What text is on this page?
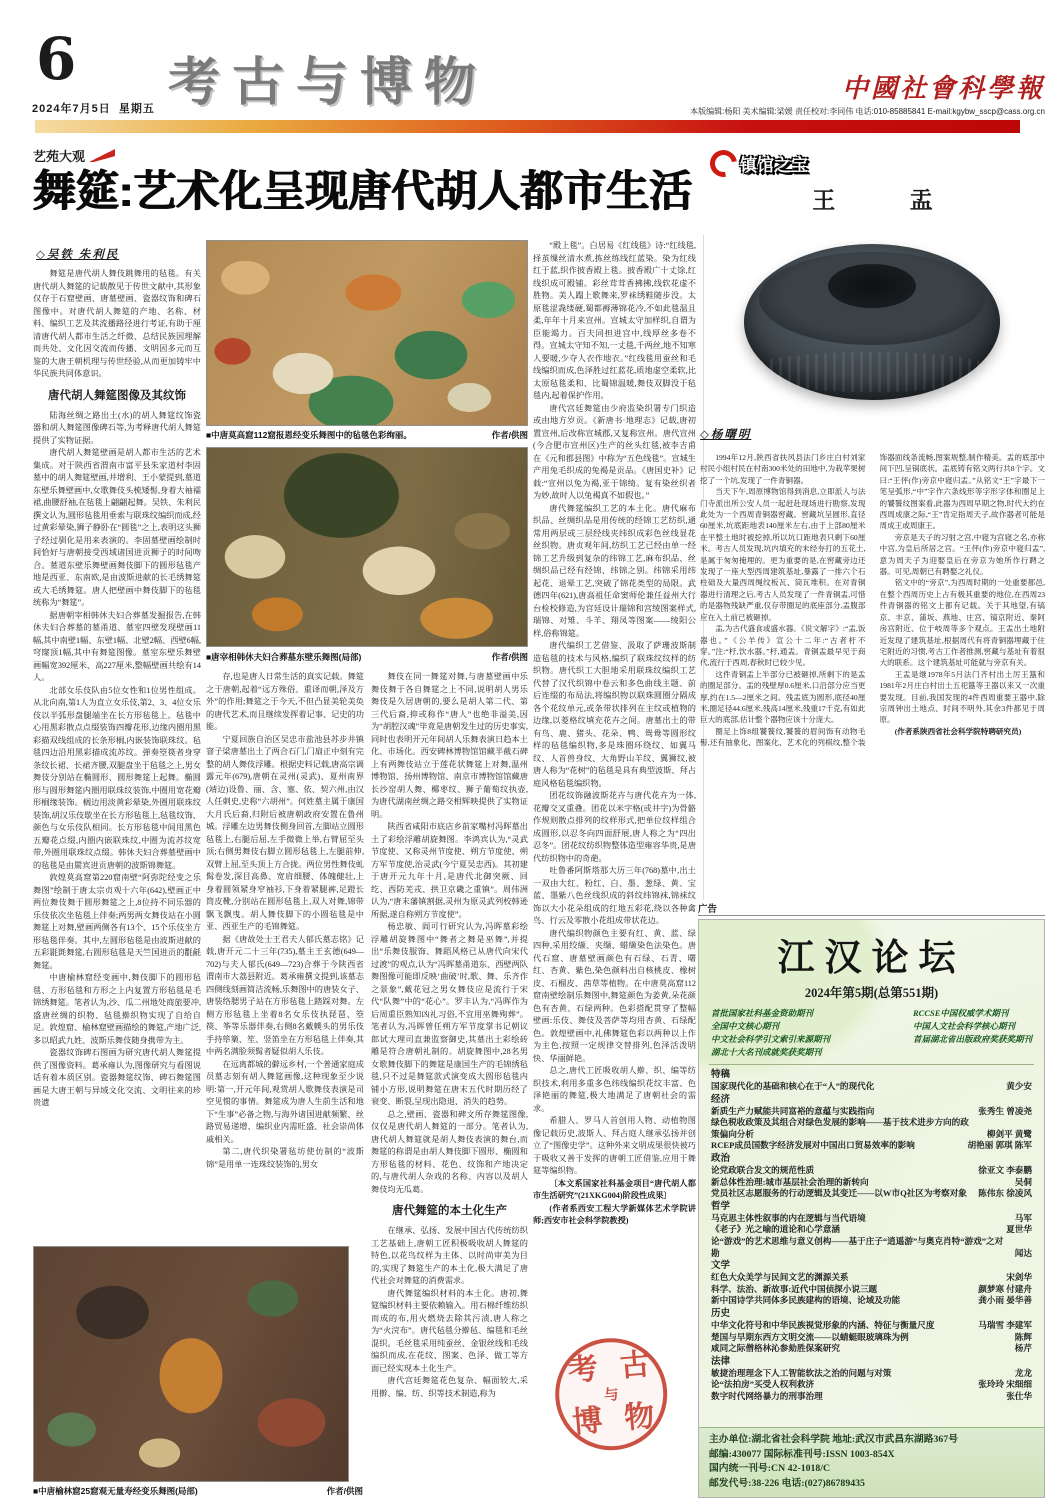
6
2024年7月5日 星期五 考古与博物	中國社會科學報
本版编辑:杨阳 美术编辑:梁媛 责任校对:李同伟 电话:010-85885841 E-mail:kgybw_sscp@cass.org.cn
艺苑大观
舞筵:艺术化呈现唐代胡人都市生活
◇吴铁 朱利民

舞筵是唐代胡人舞伎跳舞用的毡毯。有关唐代胡人舞筵的记载散见于传世文献中,其形象仅存于石窟壁画、唐墓壁画、瓷器纹饰和碑石图像中。对唐代胡人舞筵的产地、名称、材料、编织工艺及其流播路径进行考证,有助于厘清唐代胡人都市生活之纤微、总结民族因理解而共处、文化因交流而传播、文明因多元而互鉴的大唐王朝机理与传世经验,从而更加铸牢中华民族共同体意识。

唐代胡人舞筵图像及其纹饰

陆海丝绸之路出土(水)的胡人舞筵纹饰瓷器和胡人舞筵图像碑石等,为考释唐代胡人舞筵提供了实物证据。

唐代胡人舞筵壁画是胡人都市生活的艺术集成。对于陕西省渭南市富平县朱家道村李固墓中的胡人舞筵壁画,井增利、王小蒙提到,墓道东壁乐舞壁画中,女歌舞伎头梳矮髻,身着大袖襦裙,曲腰舒袖,在毡毯上翩翩起舞。吴铁、朱利民撰文认为,圆形毡毯用垂索与联珠纹编织而成,经过黄彩晕染,狮子静卧在“圆毯”之上,表明这头狮子经过驯化是用来表演的。李固墓壁画绘制时间恰好与唐朝接受西域诸国进贡狮子的时间吻合。墓道东壁乐舞壁画舞伎脚下的圆形毡毯产地是西亚、东南欧,是由波斯进献的长毛绣舞筵或大毛绣舞筵。唐人把壁画中舞伎脚下的毡毯统称为“舞筵”。

据唐朝宰相韩休夫妇合葬墓发掘报告,在韩休夫妇合葬墓的墓甬道、墓室四壁发现壁画11幅,其中南壁1幅、东壁1幅、北壁2幅、西壁6幅,穹窿顶1幅,其中有舞筵图像。墓室东壁乐舞壁画幅宽392厘米、高227厘米,整幅壁画共绘有14人。

北部女乐伎队由5位女性和1位男性组成。从北向南,第1人为直立女乐伎,第2、3、4位女乐伎以半弧形盘腿端坐在长方形毡毯上。毡毯中心用黑彩散点点缀装饰四瓣花形,边缘内圈用黑彩描双线组成的长条形榈,内嵌装饰联珠纹。毡毯四边沿用黑彩描成流苏纹。弹奏箜篌者身穿条纹长裙、长裙齐腰,双腿盘坐于毡毯之上,男女舞伎分别站在椭圆形、圆形舞筵上起舞。椭圆形与圆形舞筵内圈用联珠纹装饰,中圈用宽花瓣形榈缘装饰。榈边用淡黄彩晕染,外圈用联珠纹装饰,胡汉乐伎歇坐在长方形毡毯上,毡毯纹饰、颜色与女乐伎队相同。长方形毡毯中间用黑色五瓣花点缀,内圈内嵌联珠纹,中圈为流苏纹宽带,外圈用联珠纹点缀。韩休夫妇合葬墓壁画中的毡毯是由罽宾进贡唐朝的波斯锦舞筵。

敦煌莫高窟第220窟南壁“阿弥陀经变之乐舞图”绘制于唐太宗贞观十六年(642),壁画正中两位舞伎舞于圆形舞筵之上,8位持不同乐器的乐伎依次坐毡毯上伴奏;两男两女舞伎站在小圆舞筵上对舞,壁画两侧各有13个、15个乐伎坐方形毡毯伴奏。其中,左圆形毡毯是由波斯进献的五彩毾㲪舞筵,右圆形毡毯是天竺国进贡的氍毹舞筵。

中唐榆林窟经变画中,舞伎脚下的圆形毡毯、方形毡毯和方形之上内复置方形毡毯是毛锦绣舞筵。笔者认为,沙、瓜二州地处商旅要冲,盛唐丝绸的织物、毡毯擀织物实现了自给自足。敦煌窟、榆林窟壁画描绘的舞筵,产地广泛,多以昭武九姓、波斯乐舞伎随身携带为主。

瓷器纹饰碑石图画为研究唐代胡人舞筵提供了图像资料。葛承雍认为,图像研究与看图说话有着本质区别。瓷器舞筵纹饰、碑石舞筵图画是大唐王朝与异域文化交流、文明往来的珍贵遗

■中唐莫高窟112窟报恩经变乐舞图中的毡毯色彩绚丽。	作者/供图
■唐宰相韩休夫妇合葬墓东壁乐舞图(局部)	作者/供图

存,也是唐人日常生活的真实记载。舞筵之于唐朝,起着“远方殊俗、重译而朝,泽及方外”的作用;舞筵之于今天,不但凸显美轮美奂的唐代艺术,而且继续发挥着记事、记史的功能。

宁夏回族自治区吴忠市盐池县苏步井镇窨子梁唐墓出土了两合石门,门扇正中刻有完整的胡人舞伎浮雕。根据史料记载,唐高宗调露元年(679),唐朝在灵州(灵武)、夏州南界(靖边)设鲁、丽、含、塞、依、契六州,由汉人任刺史,史称“六胡州”。何姓墓主属于康国大月氏后裔,归附后被唐朝政府安置在鲁州城。浮雕左边男舞伎侧身回首,左脚站立圆形毡毯上,右腿后屈,左手微微上举,右臂屈至头顶;右侧男舞伎右脚立圆形毡毯上,左腿前伸,双臂上屈,至头顶上方合拢。两位男性舞伎虬髯卷发,深目高鼻、宽肩细腰、体魄健壮,上身着圆领紧身窄袖衫,下身着紧腿裤,足蹬长筒皮靴,分别站在圆形毡毯上,双人对舞,锦带飘飞飘曳。胡人舞伎脚下的小圆毡毯是中亚、西亚生产的毛锦舞筵。

据《唐故处士王君夫人郁氏墓志铭》记载,唐开元二十三年(735),墓主王玄德(649—702)与夫人郁氏(649—723)合葬于今陕西省渭南市大荔县附近。葛承雍撰文提到,该墓志四侧线刻画简洁流畅,乐舞图中的唐装女子、唐装络腮男子站在方形毡毯上踏踩对舞。左侧方形毡毯上坐着8名女乐伎执琵琶、箜篌、筝等乐器伴奏,右侧8名戴幞头的男乐伎手持筚篥、笙、竖笛坐在方形毡毯上伴奏,其中两名满脸须髯者疑似胡人乐伎。

在远离都城的僻远乡村,一个普通家庭成员墓志刻有胡人舞筵画像,这种现象至少说明:第一,开元年间,观赏胡人歌舞伎表演是司空见惯的事情。舞筵成为唐人生前生活和地下“生事”必备之物,与海外诸国进献频繁、丝路贸易递增、编织业内需旺盛、社会崇尚体戚相关。

第二,唐代织染署毡坊使仿制的“波斯锦”是用单一连珠纹装饰的,男女

舞伎在同一舞筵对舞,与唐墓壁画中乐舞伎舞于各自舞筵之上不同,说明胡人男乐舞伎是久居唐朝的,要么是胡人第二代、第三代后裔,抑或称作“唐人”也绝非溢美,因为“胡腔汉魂”毕竟是唐朝发生过的历史事实,同时也表明开元年间胡人乐舞表演日趋本土化、市场化。西安碑林博物馆馆藏半截石碑上有两舞伎站立于莲花状舞筵上对舞,温州博物馆、扬州博物馆、南京市博物馆馆藏唐长沙窑胡人舞、椰枣纹、狮子葡萄纹执壶,为唐代湖南丝绸之路交相辉映提供了实物证明。

陕西省咸阳市底店乡前家嘴村冯晖墓出土了彩绘浮雕胡旋舞图。李鸿宾认为,“灵武节度使、又称灵州节度使、朔方节度使、朔方军节度使,治灵武(今宁夏吴忠西)。其初建于唐开元九年十月,是唐代北御突厥、回纥、西防羌戎、拱卫京畿之重镇”。周伟洲认为,“唐末藩镇割据,灵州为原灵武列校韩逊所据,遂自称朔方节度使”。

杨忠敏、阎可行研究认为,冯晖墓彩绘浮雕胡旋舞图中“舞者之舞是巫舞”,并提出“乐舞伎服饰、舞蹈风格已从唐代向宋代过渡”的观点,认为“冯晖墓甬道东、西壁两队舞图像可能即反映‘曲破’时,歌、舞、乐齐作之景象”,戴花冠之男女舞伎应是流行于宋代“队舞”中的“花心”。罗丰认为,“冯晖作为后周重臣熟知凶礼习俗,不宜用巫舞殉葬”。笔者认为,冯晖曾任朔方军节度掌书记朝议郎试大理司直兼监察御史,其墓出土彩绘砖雕是符合唐朝礼制的。胡旋舞图中,28名男女歌舞伎脚下的舞筵是康国生产的毛锦绣毡毯,只不过是舞筵款式演变成大圆形毡毯内铺小方形,说明舞筵在唐末五代时期历经了衰变、断裂,呈现出隐退、消失的趋势。

总之,壁画、瓷器和碑文所存舞筵图像,仅仅是唐代胡人舞筵的一部分。笔者认为,唐代胡人舞筵就是胡人舞伎表演的舞台,而舞筵的称谓是由胡人舞伎脚下圆形、椭圆和方形毡毯的材料、花色、纹饰和产地决定的,与唐代胡人杂戏的名称、内容以及胡人舞伎均无瓜葛。

唐代舞筵的本土化生产

在继承、弘扬、发展中国古代传统纺织工艺基础上,唐朝工匠积极吸收胡人舞筵的特色,以花鸟纹样为主体、以时尚审美为目的,实现了舞筵生产的本土化,极大满足了唐代社会对舞筵的消费需求。

唐代舞筵编织材料的本土化。唐初,舞筵编织材料主要依赖输入。用石棉纤维纺织而成的布,用火燃烧去除其污渍,唐人称之为“火浣布”。唐代毡毯分擀毡、编毯和毛丝混织。毛丝毯采用纯蚕丝、金银丝线和毛线编织而成,在花纹、图案、色泽、做工等方面已经实现本土化生产。

唐代宫廷舞筵花色复杂、幅面较大,采用擀、编、纺、织等技术制造,称为

“殿上毯”。白居易《红线毯》诗:“红线毯,择茧缫丝清水煮,拣丝练线红蓝染。染为红线红于蓝,织作披香殿上毯。披香殿广十丈馀,红线织成可殿铺。彩丝茸茸香拂拂,线软花虚不胜物。美人蹋上歌舞来,罗袜绣鞋随步没。太原毯涩毳缕硬,蜀都褥薄锦花冷,不如此毯温且柔,年年十月来宣州。宣城太守加样织,自谓为臣能竭力。百夫同担进宫中,线厚丝多卷不得。宣城太守知不知,一丈毯,千两丝,地不知寒人要暖,少夺人衣作地衣。”红线毯用蚕丝和毛线编织而成,色泽胜过红蓝花,质地虚空柔软,比太原毡毯柔和、比蜀锦温暖,舞伎双脚没于毡毯内,起着保护作用。

唐代宫廷舞筵由少府监染织署专门织造或由地方岁贡。《新唐书·地理志》记载,唐初置宣州,后改称宣城郡,又复称宣州。唐代宣州(今合肥市宣州区)生产的丝头红毯,被李吉甫在《元和郡县图》中称为“五色线毯”。宣城生产用兔毛织成的兔褐是贡品。《唐国史补》记载:“宣州以兔为褐,亚于锦绮。复有染丝织者为妙,故时人以兔褐真不如假也。”

唐代舞筵编织工艺的本土化。唐代麻布织品、丝绸织品是用传统的经锦工艺纺织,通常用两层或三层经线夹纬织成彩色丝线显花丝织物。唐贞观年间,纺织工艺已经由单一经锦工艺升级到复杂的纬锦工艺,麻布织品、丝绸织品已经有经锦、纬锦之别。纬锦采用纬起花、退晕工艺,突破了锦花类型的局限。武德四年(621),唐高祖任命窦师伦兼任益州大行台检校修造,为宫廷设计瑞锦和宫绫图案样式,瑞锦、对雉、斗羊、翔凤等图案——绫阳公样,俗称锦筵。

唐代编织工艺借鉴、汲取了萨珊波斯制造毡毯的技术与风格,编织了联珠纹纹样的纺织物。唐代织工大胆地采用联珠纹编织工艺代替了汉代织锦中卷云和多色曲线主题、前后连缀的布局法,将编织物以联珠圆圈分隔成各个花纹单元,或条带状排列在主纹或植物的边缘,以菱格纹填充花卉之间。唐墓出土的带有鸟、鹿、猪头、花朵、鸭、鸳鸯等圆形纹样的毡毯编织物,多是珠圈环绕纹、如翼马纹、人首兽身纹、大角野山羊纹、翼狮纹,被唐人称为“花树”的毡毯是具有典型波斯、拜占庭风格毡毯编织物。

团花纹饰融波斯花卉与唐代花卉为一体,花瓣交叉重叠。团花以米字格(或井字)为骨骼作规则散点排列的纹样形式,把单位纹样组合成圆形,以忍冬向四面舒展,唐人称之为“四出忍冬”。团花纹纺织物整体造型雍容华贵,是唐代纺织物中的奇葩。

吐鲁番阿斯塔那大历三年(768)墓中,出土一双由大红、粉红、白、墨、葱绿、黄、宝蓝、墨紫八色丝线织成的斜纹纬锦袜,锦袜纹饰以大小花朵组成的红地五彩花,绕以各种禽鸟、行云及零散小花组成带状花边。

唐代编织物颜色主要有红、黄、蓝、绿四种,采用绞缬、夹缬、蜡缬染色法染色。唐代石窟、唐墓壁画颜色有石绿、石青、曙红、杏黄、紫色,染色颜料出自核桃皮、橡树皮、石榴皮、茜草等植物。在中唐莫高窟112窟南壁绘制乐舞图中,舞筵颜色为姜黄,朵花颜色有杏黄、石绿两种。色彩搭配贯穿了整幅壁画:乐伎、舞伎及菩萨等均用杏黄、石绿配色。敦煌壁画中,礼佛舞筵色彩以两种以上作为主色,按照一定规律交替排列,色泽活泼明快、华丽鲜艳。

总之,唐代工匠吸收胡人擀、织、编等纺织技术,利用多重多色纬线编织花纹丰富、色泽艳丽的舞筵,极大地满足了唐朝社会的需求。

希腊人、罗马人首创用人物、动植物图像记载历史,波斯人、拜占庭人继承弘扬并创立了“图像史学”。这种外来文明成果很快被巧于吸收又善于发挥的唐朝工匠借鉴,应用于舞筵等编织物。

〔本文系国家社科基金项目“唐代胡人都市生活研究”(21XKG004)阶段性成果〕

(作者系西安工程大学新媒体艺术学院讲师;西安市社会科学院教授)

■中唐榆林窟25窟观无量寿经变乐舞图(局部)	作者/供图
考 古
博 物
与
镇馆之宝
王 盂
◇杨曙明

1994年12月,陕西省扶风县法门乡庄白村刘家村民小组村民在村南300米处的田地中,为栽苹果树挖了一个坑,发现了一件青铜器。

当天下午,周原博物馆得到消息,立即派人与法门寺派出所公安人员一起赶赴现场进行勘察,发现此处为一个西周青铜器窖藏。窖藏坑呈圆形,直径60厘米,坑底距地表140厘米左右,由于上部80厘米在平整土地时被挖掉,所以坑口距地表只剩下60厘米。考古人员发现,坑内填充的未经夯打的五花土,是属于匆匆掩埋的。更为重要的是,在窖藏旁边还发现了一座大型西周建筑基址,暴露了一排六个石柱础及大量西周绳纹板瓦、筒瓦堆积。在对青铜器进行清理之后,考古人员发现了一件青铜盂,可惜的是器物残缺严重,仅存带圈足的底座部分,盂腹部应在入土前已被砸掉。

盂,为古代盛食或盛水器。《说文解字》:“盂,饭器也。”《公羊传》宣公十二年:“古者杅不穿。”注:“杅,饮水器。”杅,通盂。青铜盂最早见于商代,流行于西周,春秋时已较少见。

这件青铜盂上半部分已被砸掉,所剩下的是盂的圈足部分。盂的残壁厚0.6厘米,口沿部分应当更厚,约在1.5—2厘米之间。残盂底为圆形,底径40厘米,圈足径44.6厘米,残高14厘米,残重17千克,有如此巨大的底部,估计整个器物应该十分庞大。

圈足上饰8组饕餮纹,饕餮的眉间饰有动物毛髻,还有抽象化、图案化、艺术化的列棋纹,整个装饰器面线条流畅,图案规整,制作精美。盂的底部中间下凹,呈锅底状。盂底铸有铭文两行共8个字。文曰:“王伻(作)旁京中寝归盂。”从铭文“王”字最下一笔呈弧形,“中”字作六条线形等字形字体和圈足上的饕餮纹图案看,此器为西周早期之物,时代大约在西周成康之际,“王”肯定指周天子,故作器者可能是周成王或周康王。

旁京是天子的习射之宫,中寝为宫寝之名,亦称中宫,为皇后所居之宫。“王伻(作)旁京中寝归盂”,意为周天子为迎娶皇后在旁京为她所作行聘之器。可见,周朝已有聘娶之礼仪。

铭文中的“旁京”,为西周时期的一处重要都邑,在整个西周历史上占有极其重要的地位,在西周23件青铜器的铭文上都有记载。关于其地望,有镐京、丰京、蒲坂、燕地、庄宫、镐京附近、秦阿房宫附近、位于岐周等多个观点。王盂出土地附近发现了建筑基址,根据周代有将青铜器埋藏于住宅附近的习惯,考古工作者推测,窖藏与基址有着很大的联系。这个建筑基址可能就与旁京有关。

王盂是继1978年5月法门齐村出土厉王簋和1981年2月庄白村出土五祀簋等王器以来又一次重要发现。目前,我国发现的4件西周重要王器中,除宗周钟出土地点、时间不明外,其余3件都见于周原。

(作者系陕西省社会科学院特聘研究员)

广告
江汉论坛
2024年第5期(总第551期)
首批国家社科基金资助期刊
全国中文核心期刊
中文社会科学引文索引来源期刊
湖北十大名刊成就奖获奖期刊
RCCSE中国权威学术期刊
中国人文社会科学核心期刊
首届湖北省出版政府奖获奖期刊
特稿
国家现代化的基础和核心在于“人”的现代化	黄少安
经济
新质生产力赋能共同富裕的意蕴与实践指向	张秀生 曾凌尧
绿色税收政策及其组合对绿色发展的影响——基于技术进步方向的政策偏向分析	柳剑平 黄鹭
RCEP成员国数字经济发展对中国出口贸易效率的影响	胡艳丽 郭琪 陈军
政治
论党政联合发文的规范性质	徐亚文 李泰鹏
新总体性治理:城市基层社会治理的新转向	吴侗
党员社区志愿服务的行动逻辑及其变迁——以W市Q社区为考察对象 陈伟东 徐凌风
哲学
马克思主体性叙事的内在逻辑与当代语境	马军
《老子》光之喻的道论和心学意涵	夏世华
论“游戏”的艺术思维与意义创构——基于庄子“逍遥游”与奥克肖特“游戏”之对勘	闻达
文学
红色大众美学与民间文艺的渊源关系	宋剑华
科学、法治、新故事:近代中国侦探小说三题	颜梦寒 付建舟
新中国诗学共同体多民族建构的语境、论域及功能	龚小雨 晏华善
历史
中华文化符号和中华民族视觉形象的内涵、特征与衡量尺度	马瑞雪 李建军
楚国与早期东西方文明交流——以蜻蜓眼玻璃珠为例	陈辉
咸同之际僧格林沁参劾胜保案研究	杨芹
法律
敏捷治理理念下人工智能软法之治的问题与对策	龙龙
论“法拍房”买受人权利救济	张玲玲 宋细细
数字时代网络暴力的刑事治理	张仕华
主办单位:湖北省社会科学院 地址:武汉市武昌东湖路367号
邮编:430077 国际标准刊号:ISSN 1003-854X
国内统一刊号:CN 42-1018/C
邮发代号:38-226 电话:(027)86789435
